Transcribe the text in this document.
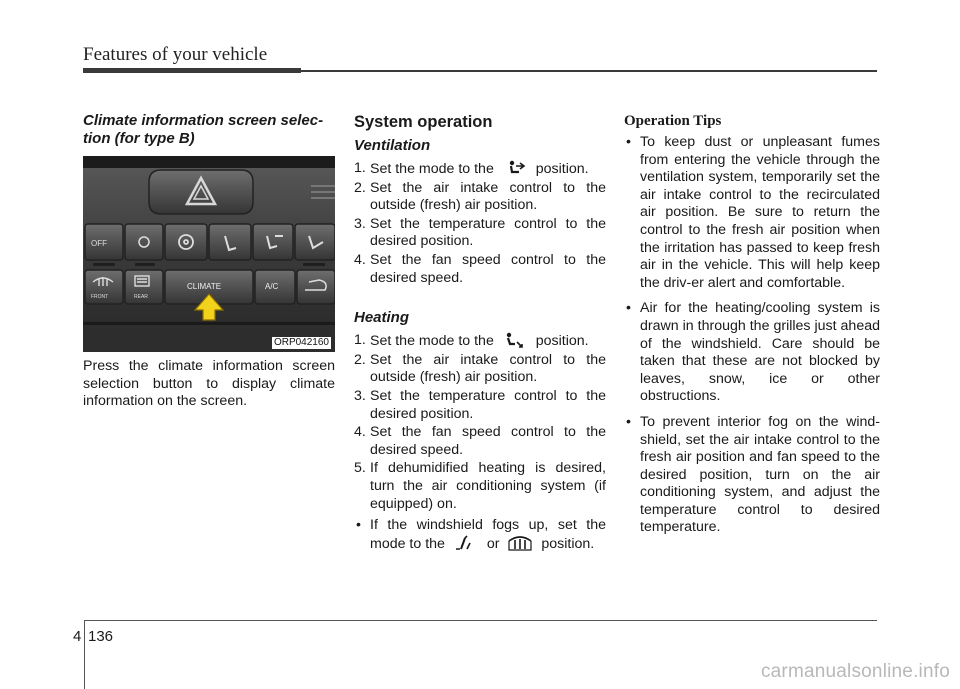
Features of your vehicle
Climate information screen selec-tion (for type B)
OFF
FRONT	REAR
CLIMATE	A/C
ORP042160
Press the climate information screen selection button to display climate information on the screen.
System operation
Ventilation
1. Set the mode to the	position.
2. Set the air intake control to the outside (fresh) air position.
3. Set the temperature control to the desired position.
4. Set the fan speed control to the desired speed.
Heating
1. Set the mode to the	position.
2. Set the air intake control to the outside (fresh) air position.
3. Set the temperature control to the desired position.
4. Set the fan speed control to the desired speed.
5. If dehumidified heating is desired, turn the air conditioning system (if equipped) on.
• If the windshield fogs up, set the mode to the	or	position.
Operation Tips
• To keep dust or unpleasant fumes from entering the vehicle through the ventilation system, temporarily set the air intake control to the recirculated air position. Be sure to return the control to the fresh air position when the irritation has passed to keep fresh air in the vehicle. This will help keep the driv-er alert and comfortable.
• Air for the heating/cooling system is drawn in through the grilles just ahead of the windshield. Care should be taken that these are not blocked by leaves, snow, ice or other obstructions.
• To prevent interior fog on the wind-shield, set the air intake control to the fresh air position and fan speed to the desired position, turn on the air conditioning system, and adjust the temperature control to desired temperature.
4 136
carmanualsonline.info
